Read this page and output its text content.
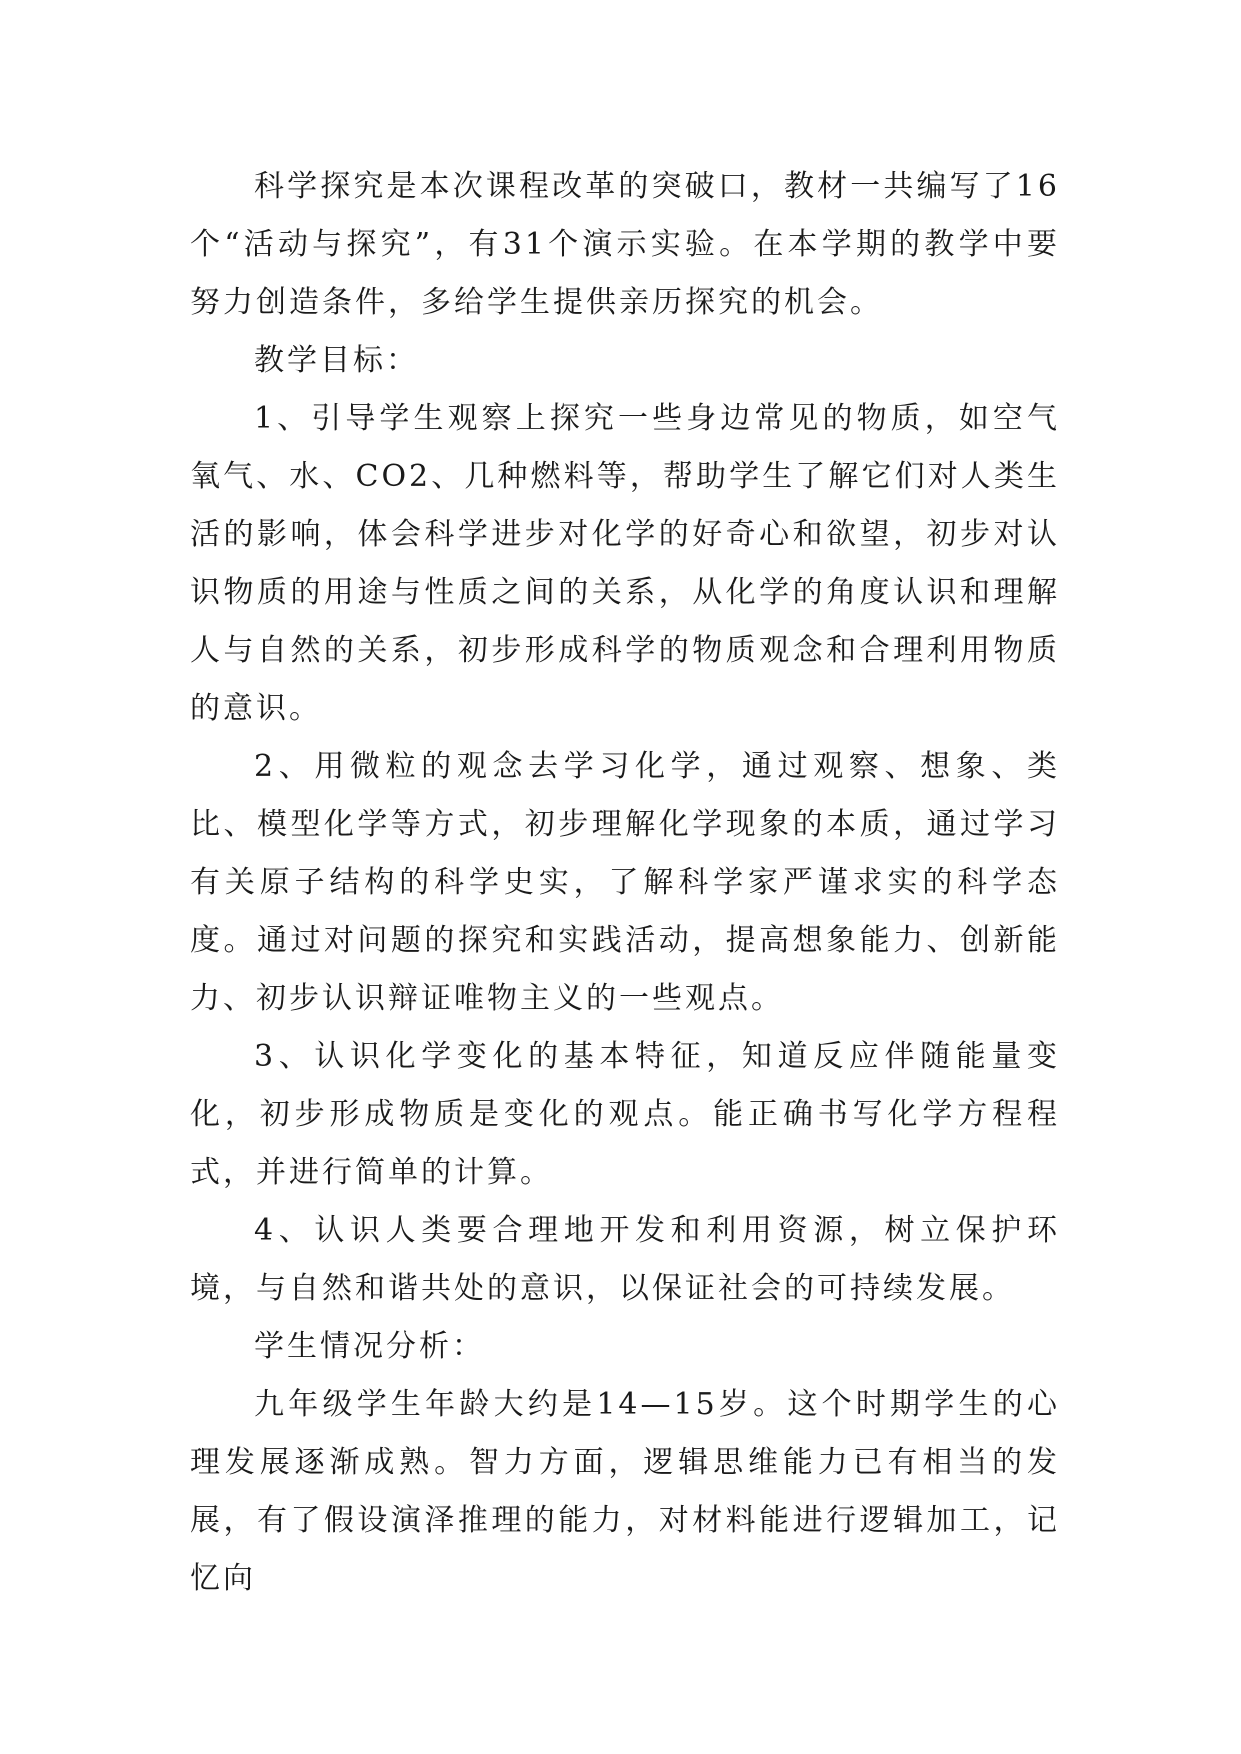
科学探究是本次课程改革的突破口，教材一共编写了16个“活动与探究”，有31个演示实验。在本学期的教学中要努力创造条件，多给学生提供亲历探究的机会。

教学目标：

1、引导学生观察上探究一些身边常见的物质，如空气氧气、水、CO2、几种燃料等，帮助学生了解它们对人类生活的影响，体会科学进步对化学的好奇心和欲望，初步对认识物质的用途与性质之间的关系，从化学的角度认识和理解人与自然的关系，初步形成科学的物质观念和合理利用物质的意识。

2、用微粒的观念去学习化学，通过观察、想象、类比、模型化学等方式，初步理解化学现象的本质，通过学习有关原子结构的科学史实，了解科学家严谨求实的科学态度。通过对问题的探究和实践活动，提高想象能力、创新能力、初步认识辩证唯物主义的一些观点。

3、认识化学变化的基本特征，知道反应伴随能量变化，初步形成物质是变化的观点。能正确书写化学方程程式，并进行简单的计算。

4、认识人类要合理地开发和利用资源，树立保护环境，与自然和谐共处的意识，以保证社会的可持续发展。

学生情况分析：

九年级学生年龄大约是14—15岁。这个时期学生的心理发展逐渐成熟。智力方面，逻辑思维能力已有相当的发展，有了假设演泽推理的能力，对材料能进行逻辑加工，记忆向
